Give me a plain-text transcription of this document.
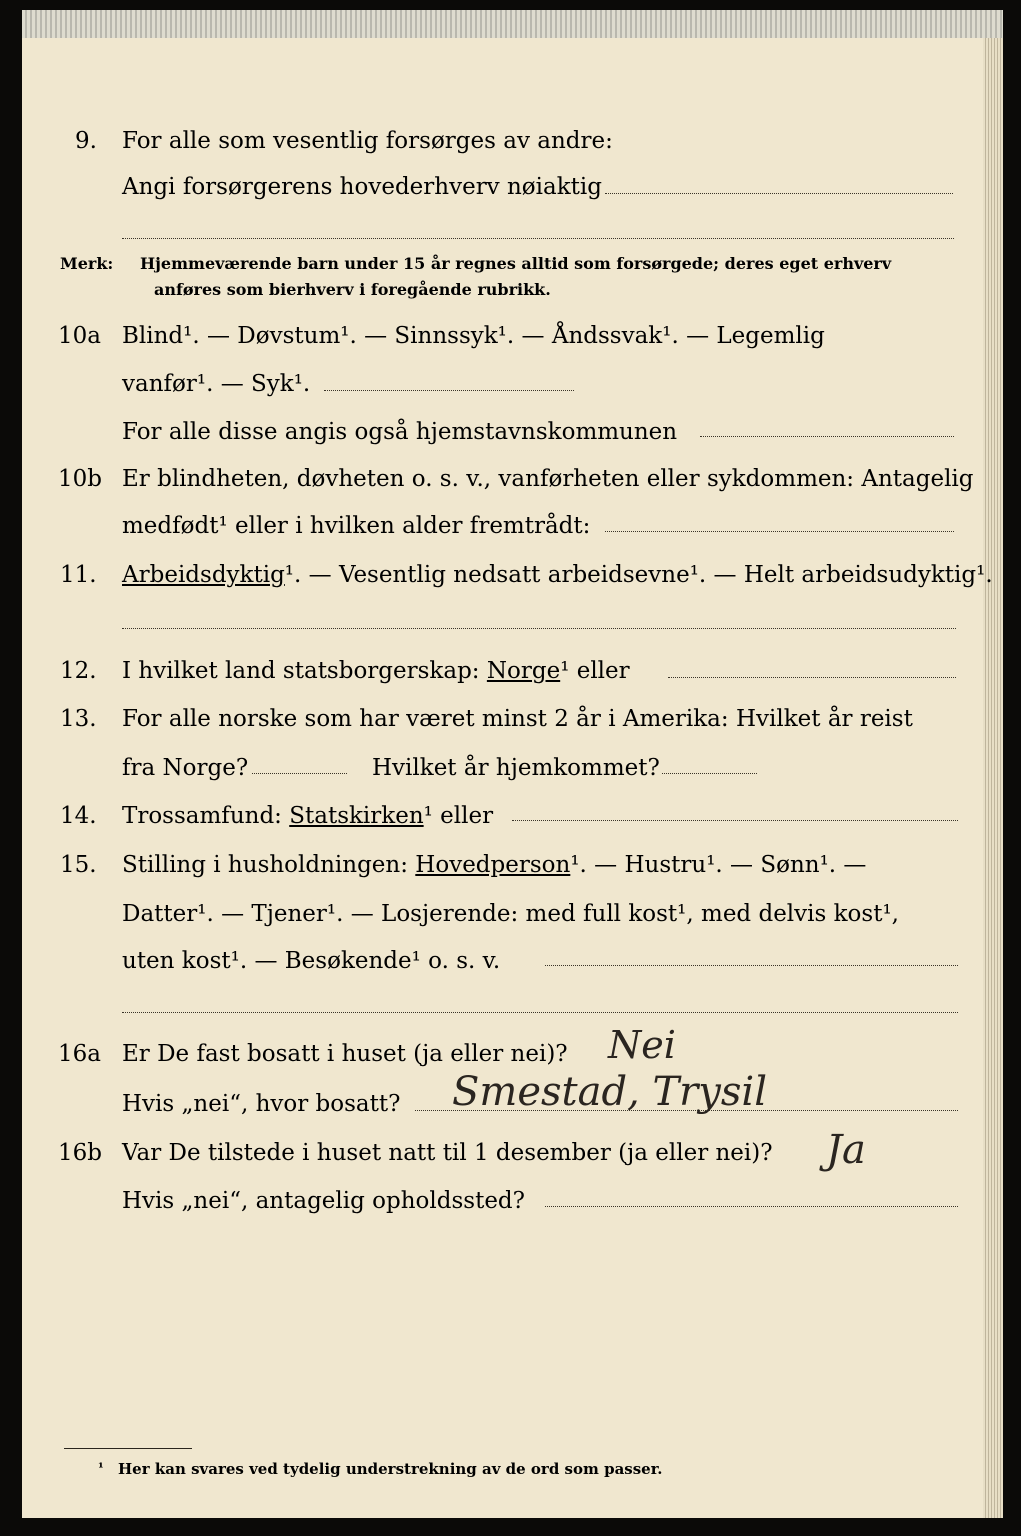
9. For alle som vesentlig forsørges av andre:
Angi forsørgerens hovederhverv nøiaktig
Merk: Hjemmeværende barn under 15 år regnes alltid som forsørgede; deres eget erhverv
anføres som bierhverv i foregående rubrikk.
10a Blind¹. — Døvstum¹. — Sinnssyk¹. — Åndssvak¹. — Legemlig
vanfør¹. — Syk¹.
For alle disse angis også hjemstavnskommunen
10b Er blindheten, døvheten o. s. v., vanførheten eller sykdommen: Antagelig
medfødt¹ eller i hvilken alder fremtrådt:
11. Arbeidsdyktig¹. — Vesentlig nedsatt arbeidsevne¹. — Helt arbeidsudyktig¹.
12. I hvilket land statsborgerskap: Norge¹ eller
13. For alle norske som har været minst 2 år i Amerika: Hvilket år reist
fra Norge?	Hvilket år hjemkommet?
14. Trossamfund: Statskirken¹ eller
15. Stilling i husholdningen: Hovedperson¹. — Hustru¹. — Sønn¹. —
Datter¹. — Tjener¹. — Losjerende: med full kost¹, med delvis kost¹,
uten kost¹. — Besøkende¹ o. s. v.
16a Er De fast bosatt i huset (ja eller nei)? Nei
Hvis „nei“, hvor bosatt? Smestad, Trysil
16b Var De tilstede i huset natt til 1 desember (ja eller nei)? Ja
Hvis „nei“, antagelig opholdssted?
¹ Her kan svares ved tydelig understrekning av de ord som passer.
